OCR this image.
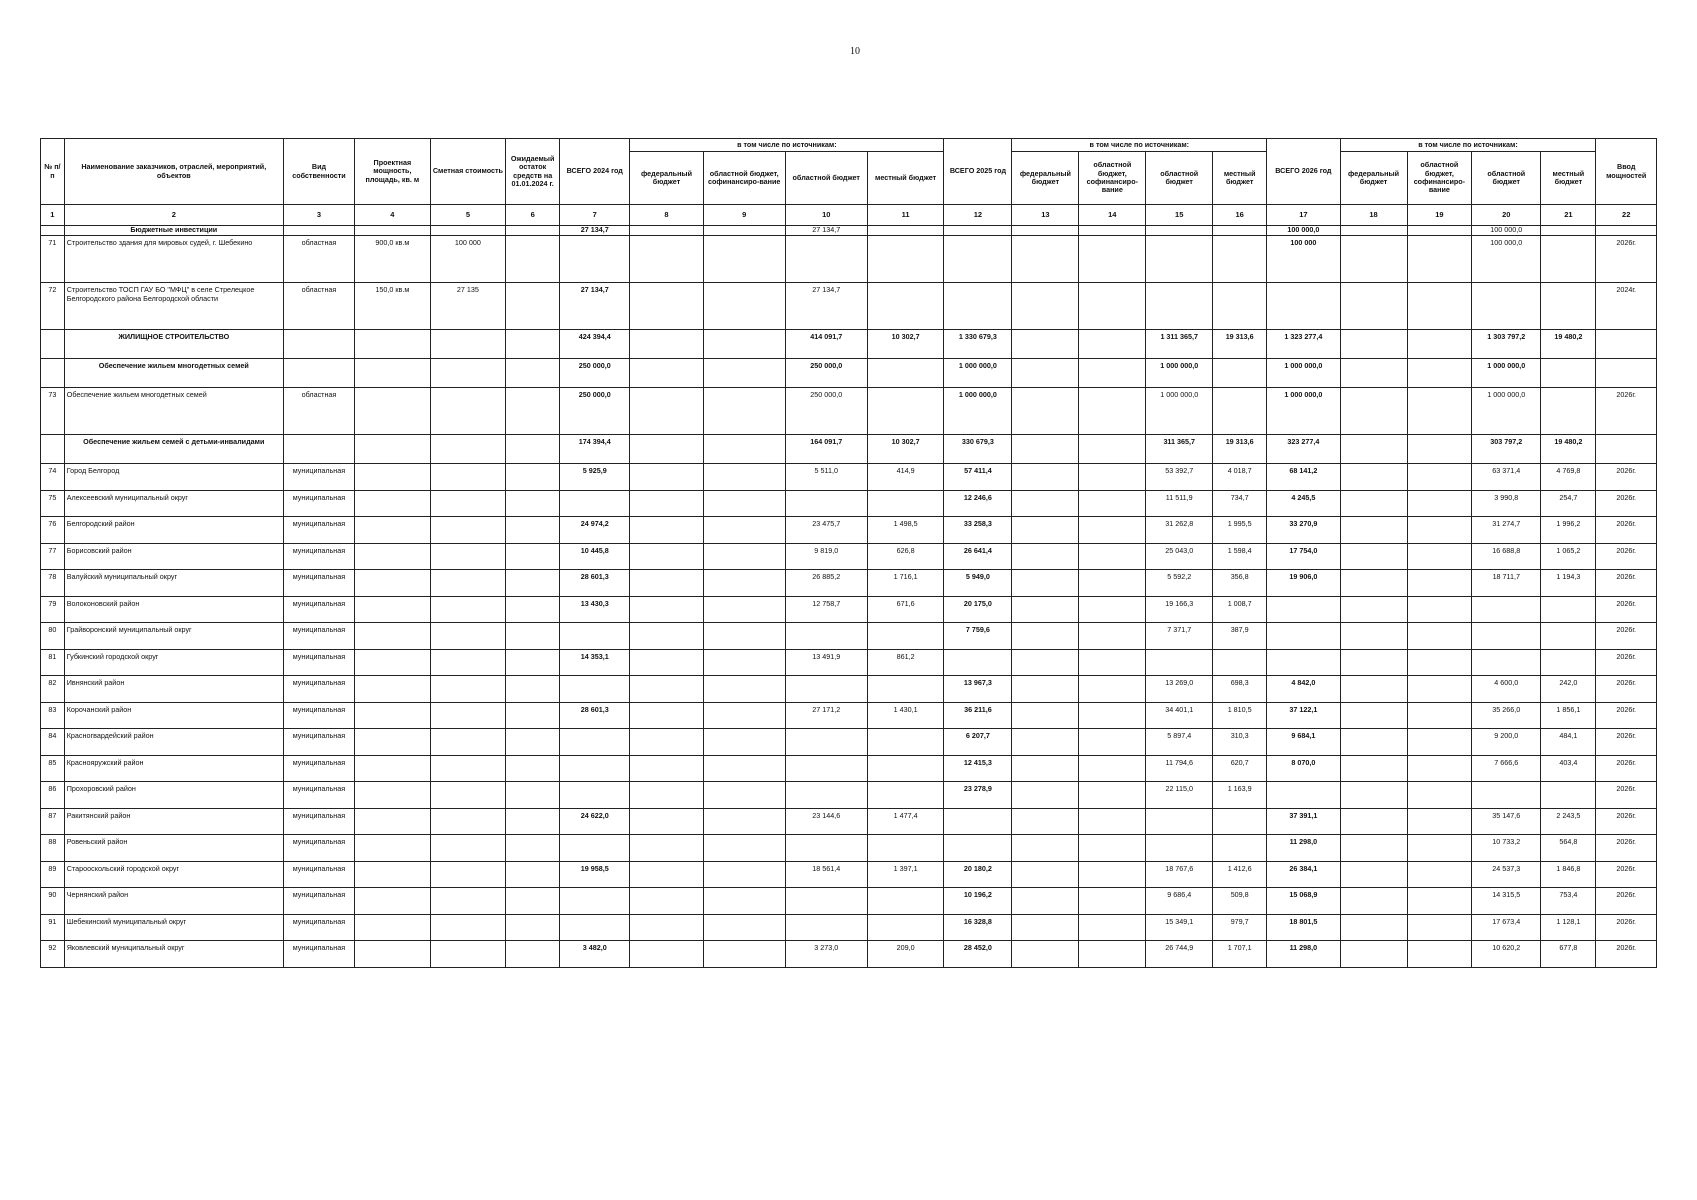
10
№ п/п	Наименование заказчиков, отраслей, мероприятий, объектов	Вид собственности	Проектная мощность, площадь, кв. м	Сметная стоимость	Ожидаемый остаток средств на 01.01.2024 г.	ВСЕГО 2024 год	в том числе по источникам:				ВСЕГО 2025 год	в том числе по источникам:				ВСЕГО 2026 год	в том числе по источникам:				Ввод мощностей
							федеральный бюджет	областной бюджет, софинансиро-вание	областной бюджет	местный бюджет		федеральный бюджет	областной бюджет, софинансиро-вание	областной бюджет	местный бюджет		федеральный бюджет	областной бюджет, софинансиро-вание	областной бюджет	местный бюджет	
1	2	3	4	5	6	7	8	9	10	11	12	13	14	15	16	17	18	19	20	21	22
	Бюджетные инвестиции					27 134,7			27 134,7							100 000,0			100 000,0		
71	Строительство здания для мировых судей, г. Шебекино	областная	900,0 кв.м	100 000												100 000			100 000,0		2026г.
72	Строительство ТОСП ГАУ БО "МФЦ" в селе Стрелецкое Белгородского района Белгородской области	областная	150,0 кв.м	27 135		27 134,7			27 134,7												2024г.
	ЖИЛИЩНОЕ СТРОИТЕЛЬСТВО					424 394,4			414 091,7	10 302,7	1 330 679,3			1 311 365,7	19 313,6	1 323 277,4			1 303 797,2	19 480,2	
	Обеспечение жильем многодетных семей					250 000,0			250 000,0		1 000 000,0			1 000 000,0		1 000 000,0			1 000 000,0		
73	Обеспечение жильем многодетных семей	областная				250 000,0			250 000,0		1 000 000,0			1 000 000,0		1 000 000,0			1 000 000,0		2026г.
	Обеспечение жильем семей с детьми-инвалидами					174 394,4			164 091,7	10 302,7	330 679,3			311 365,7	19 313,6	323 277,4			303 797,2	19 480,2	
74	Город Белгород	муниципальная				5 925,9			5 511,0	414,9	57 411,4			53 392,7	4 018,7	68 141,2			63 371,4	4 769,8	2026г.
75	Алексеевский муниципальный округ	муниципальная									12 246,6			11 511,9	734,7	4 245,5			3 990,8	254,7	2026г.
76	Белгородский район	муниципальная				24 974,2			23 475,7	1 498,5	33 258,3			31 262,8	1 995,5	33 270,9			31 274,7	1 996,2	2026г.
77	Борисовский район	муниципальная				10 445,8			9 819,0	626,8	26 641,4			25 043,0	1 598,4	17 754,0			16 688,8	1 065,2	2026г.
78	Валуйский муниципальный округ	муниципальная				28 601,3			26 885,2	1 716,1	5 949,0			5 592,2	356,8	19 906,0			18 711,7	1 194,3	2026г.
79	Волоконовский район	муниципальная				13 430,3			12 758,7	671,6	20 175,0			19 166,3	1 008,7						2026г.
80	Грайворонский муниципальный округ	муниципальная									7 759,6			7 371,7	387,9						2026г.
81	Губкинский городской округ	муниципальная				14 353,1			13 491,9	861,2											2026г.
82	Ивнянский район	муниципальная									13 967,3			13 269,0	698,3	4 842,0			4 600,0	242,0	2026г.
83	Корочанский район	муниципальная				28 601,3			27 171,2	1 430,1	36 211,6			34 401,1	1 810,5	37 122,1			35 266,0	1 856,1	2026г.
84	Красногвардейский район	муниципальная									6 207,7			5 897,4	310,3	9 684,1			9 200,0	484,1	2026г.
85	Краснояружский район	муниципальная									12 415,3			11 794,6	620,7	8 070,0			7 666,6	403,4	2026г.
86	Прохоровский район	муниципальная									23 278,9			22 115,0	1 163,9						2026г.
87	Ракитянский район	муниципальная				24 622,0			23 144,6	1 477,4						37 391,1			35 147,6	2 243,5	2026г.
88	Ровеньский район	муниципальная														11 298,0			10 733,2	564,8	2026г.
89	Старооскольский городской округ	муниципальная				19 958,5			18 561,4	1 397,1	20 180,2			18 767,6	1 412,6	26 384,1			24 537,3	1 846,8	2026г.
90	Чернянский район	муниципальная									10 196,2			9 686,4	509,8	15 068,9			14 315,5	753,4	2026г.
91	Шебекинский муниципальный округ	муниципальная									16 328,8			15 349,1	979,7	18 801,5			17 673,4	1 128,1	2026г.
92	Яковлевский муниципальный округ	муниципальная				3 482,0			3 273,0	209,0	28 452,0			26 744,9	1 707,1	11 298,0			10 620,2	677,8	2026г.
